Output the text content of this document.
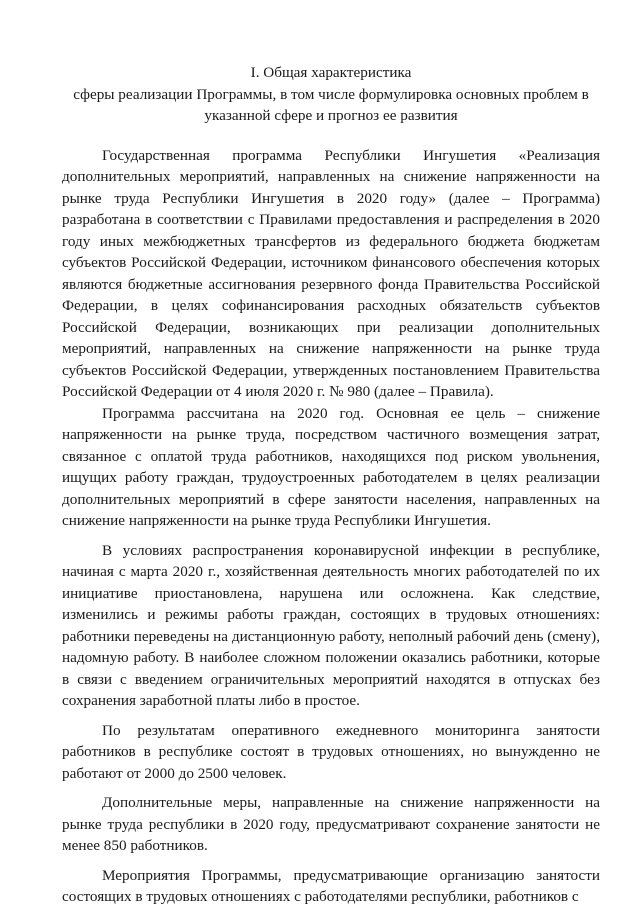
I. Общая характеристика
сферы реализации Программы, в том числе формулировка основных проблем в
указанной сфере и прогноз ее развития

Государственная программа Республики Ингушетия «Реализация дополнительных мероприятий, направленных на снижение напряженности на рынке труда Республики Ингушетия в 2020 году» (далее – Программа) разработана в соответствии с Правилами предоставления и распределения в 2020 году иных межбюджетных трансфертов из федерального бюджета бюджетам субъектов Российской Федерации, источником финансового обеспечения которых являются бюджетные ассигнования резервного фонда Правительства Российской Федерации, в целях софинансирования расходных обязательств субъектов Российской Федерации, возникающих при реализации дополнительных мероприятий, направленных на снижение напряженности на рынке труда субъектов Российской Федерации, утвержденных постановлением Правительства Российской Федерации от 4 июля 2020 г. № 980 (далее – Правила).

Программа рассчитана на 2020 год. Основная ее цель – снижение напряженности на рынке труда, посредством частичного возмещения затрат, связанное с оплатой труда работников, находящихся под риском увольнения, ищущих работу граждан, трудоустроенных работодателем в целях реализации дополнительных мероприятий в сфере занятости населения, направленных на снижение напряженности на рынке труда Республики Ингушетия.

В условиях распространения коронавирусной инфекции в республике, начиная с марта 2020 г., хозяйственная деятельность многих работодателей по их инициативе приостановлена, нарушена или осложнена. Как следствие, изменились и режимы работы граждан, состоящих в трудовых отношениях: работники переведены на дистанционную работу, неполный рабочий день (смену), надомную работу. В наиболее сложном положении оказались работники, которые в связи с введением ограничительных мероприятий находятся в отпусках без сохранения заработной платы либо в простое.

По результатам оперативного ежедневного мониторинга занятости работников в республике состоят в трудовых отношениях, но вынужденно не работают от 2000 до 2500 человек.

Дополнительные меры, направленные на снижение напряженности на рынке труда республики в 2020 году, предусматривают сохранение занятости не менее 850 работников.

Мероприятия Программы, предусматривающие организацию занятости состоящих в трудовых отношениях с работодателями республики, работников с
